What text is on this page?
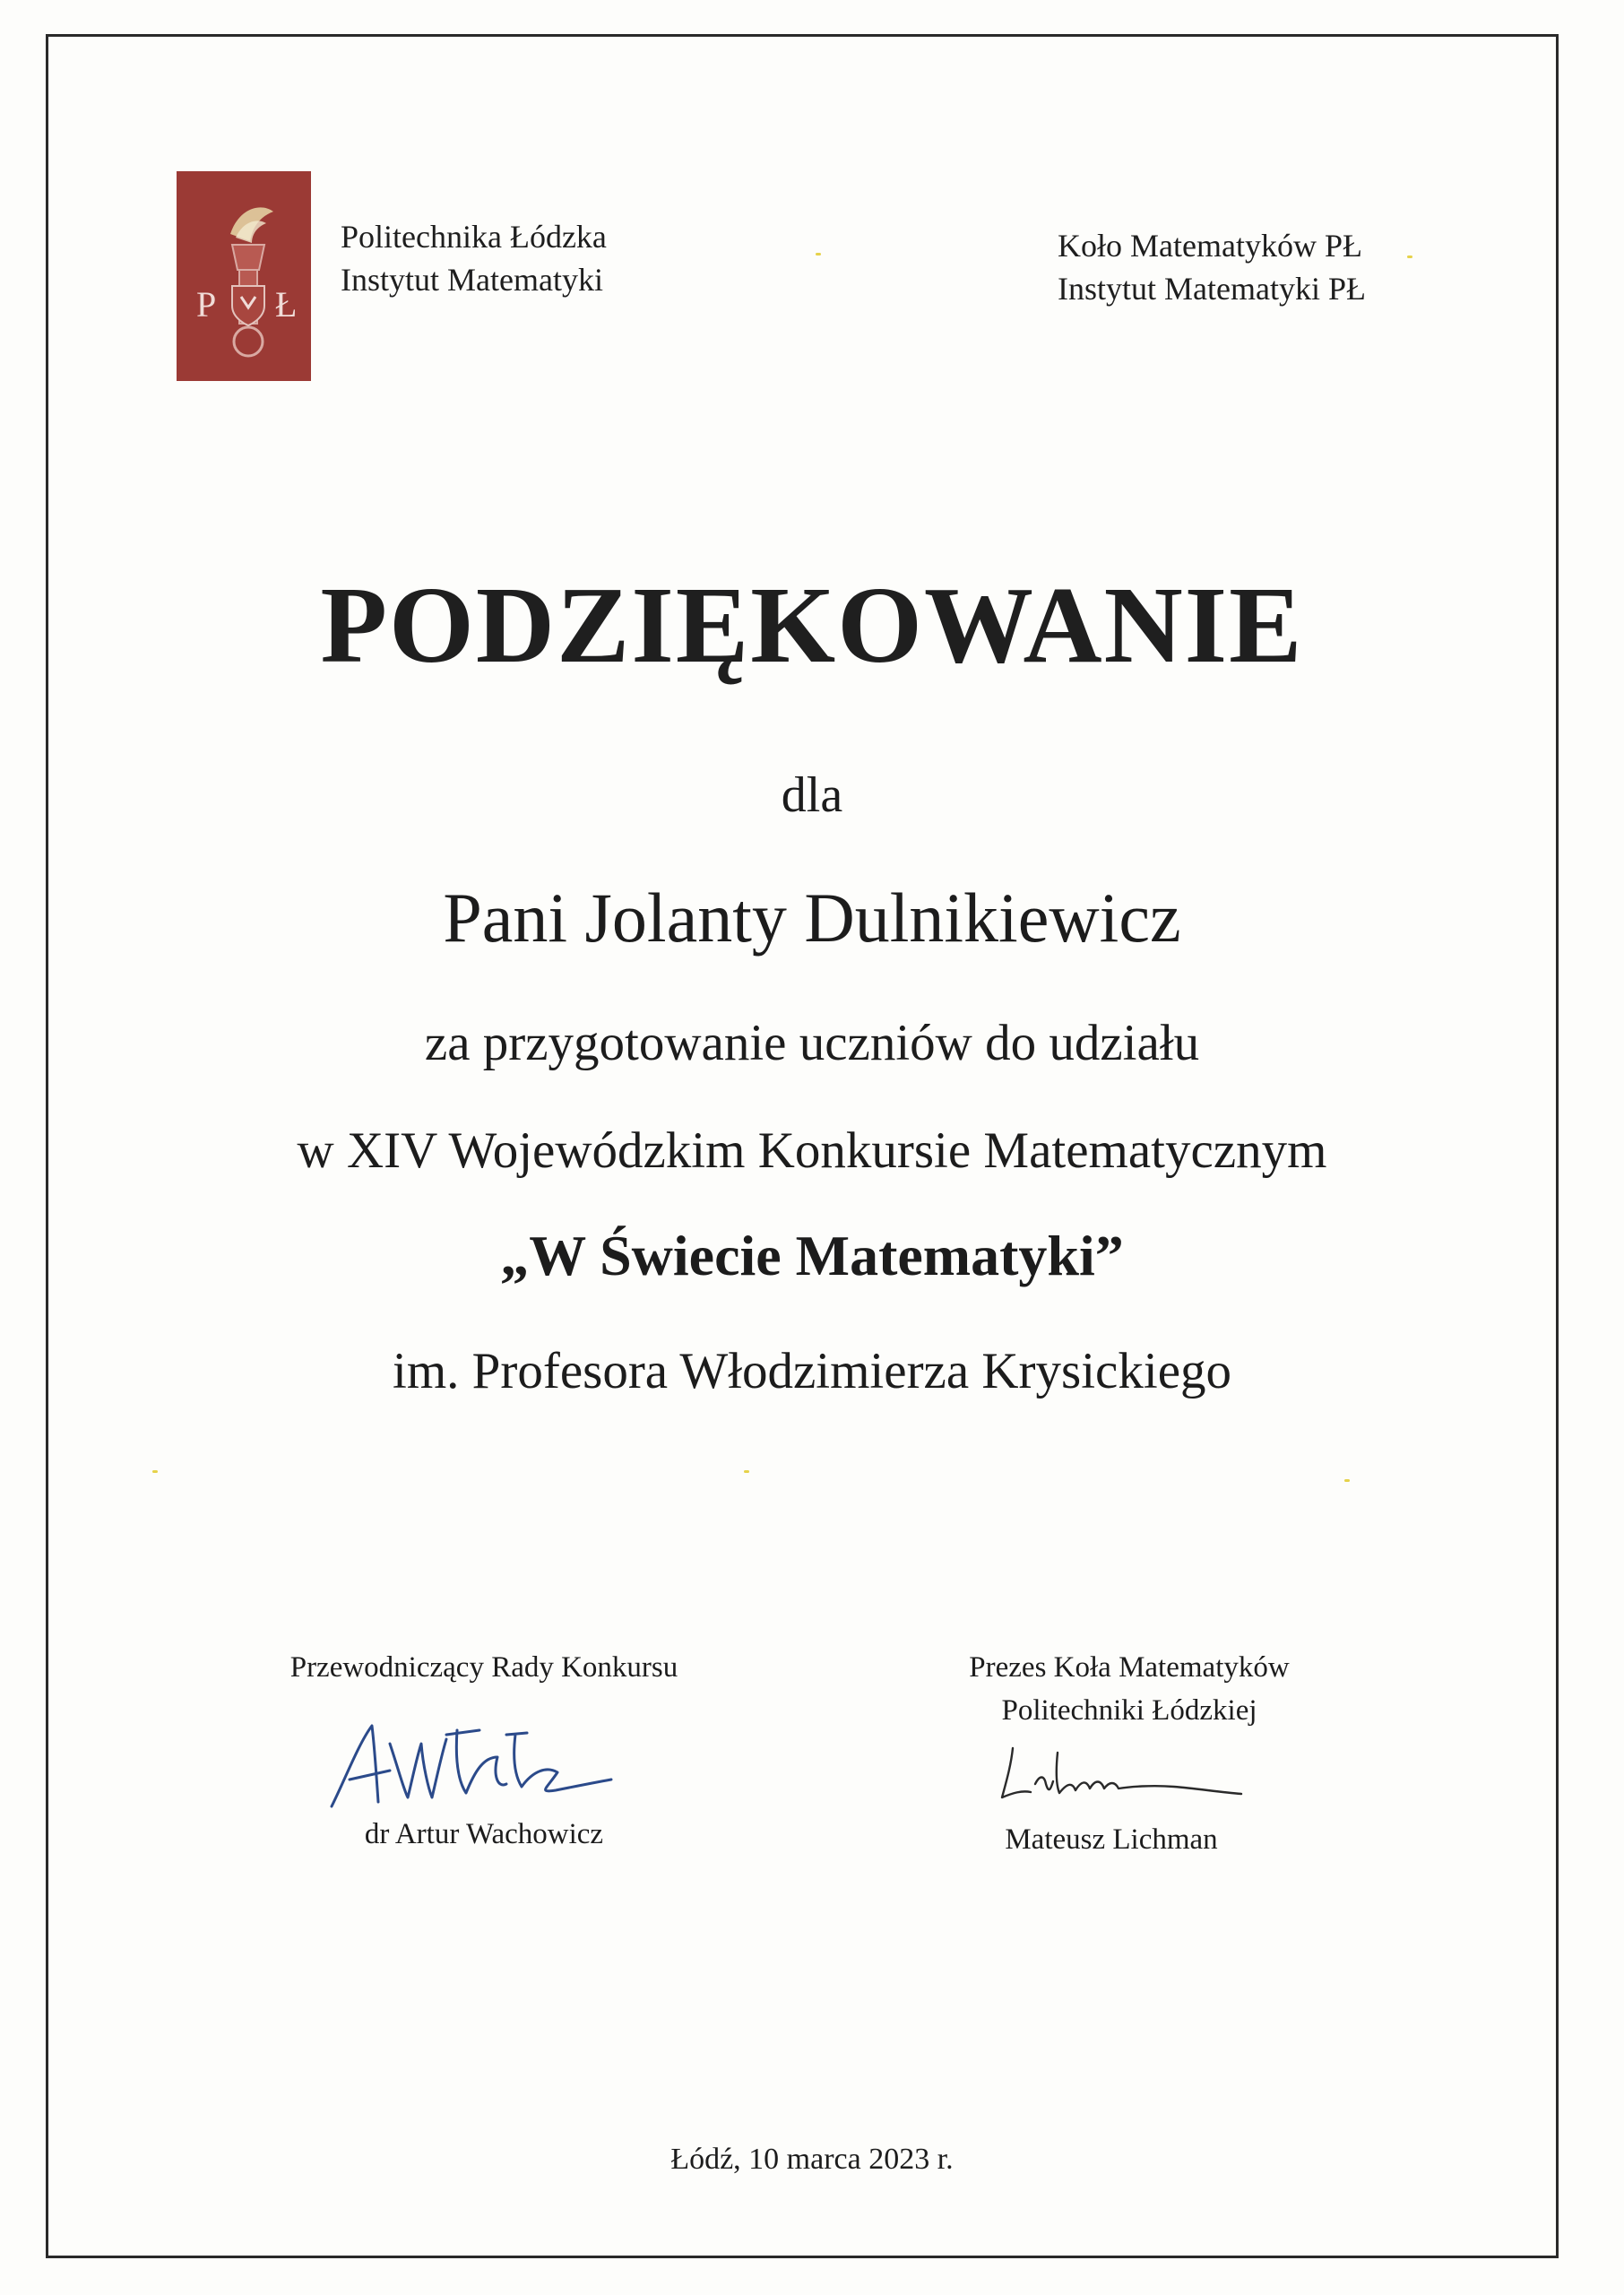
P Ł
Politechnika Łódzka
Instytut Matematyki
Koło Matematyków PŁ
Instytut Matematyki PŁ
PODZIĘKOWANIE
dla
Pani Jolanty Dulnikiewicz
za przygotowanie uczniów do udziału
w XIV Wojewódzkim Konkursie Matematycznym
„W Świecie Matematyki”
im. Profesora Włodzimierza Krysickiego
Przewodniczący Rady Konkursu
dr Artur Wachowicz
Prezes Koła Matematyków
Politechniki Łódzkiej
Mateusz Lichman
Łódź, 10 marca 2023 r.
